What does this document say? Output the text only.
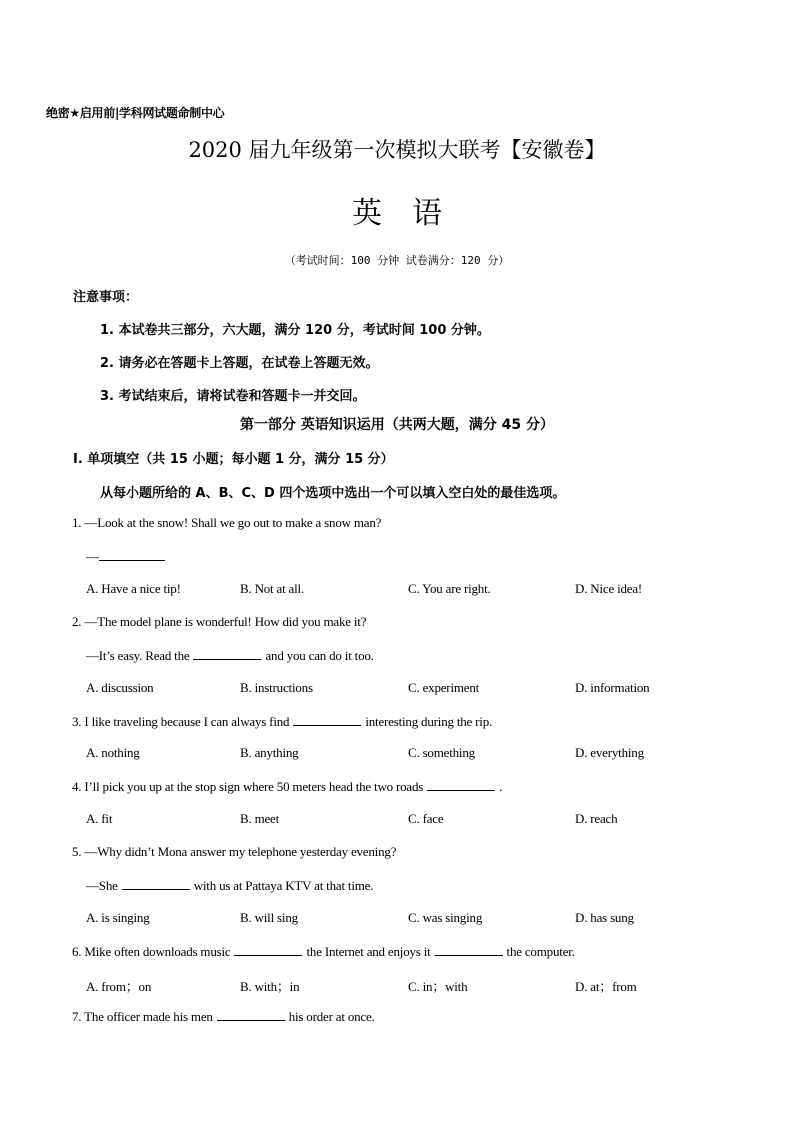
绝密★启用前|学科网试题命制中心
2020 届九年级第一次模拟大联考【安徽卷】
英语
（考试时间：100 分钟 试卷满分：120 分）
注意事项：
1. 本试卷共三部分，六大题，满分 120 分，考试时间 100 分钟。
2. 请务必在答题卡上答题，在试卷上答题无效。
3. 考试结束后，请将试卷和答题卡一并交回。
第一部分 英语知识运用（共两大题，满分 45 分）
I. 单项填空（共 15 小题；每小题 1 分，满分 15 分）
从每小题所给的 A、B、C、D 四个选项中选出一个可以填入空白处的最佳选项。
1. —Look at the snow! Shall we go out to make a snow man?
—
A. Have a nice tip!	B. Not at all.	C. You are right.	D. Nice idea!
2. —The model plane is wonderful! How did you make it?
—It’s easy. Read the	and you can do it too.
A. discussion	B. instructions	C. experiment	D. information
3. I like traveling because I can always find	interesting during the rip.
A. nothing	B. anything	C. something	D. everything
4. I’ll pick you up at the stop sign where 50 meters head the two roads	.
A. fit	B. meet	C. face	D. reach
5. —Why didn’t Mona answer my telephone yesterday evening?
—She	with us at Pattaya KTV at that time.
A. is singing	B. will sing	C. was singing	D. has sung
6. Mike often downloads music	the Internet and enjoys it	the computer.
A. from；on	B. with；in	C. in；with	D. at；from
7. The officer made his men	his order at once.
